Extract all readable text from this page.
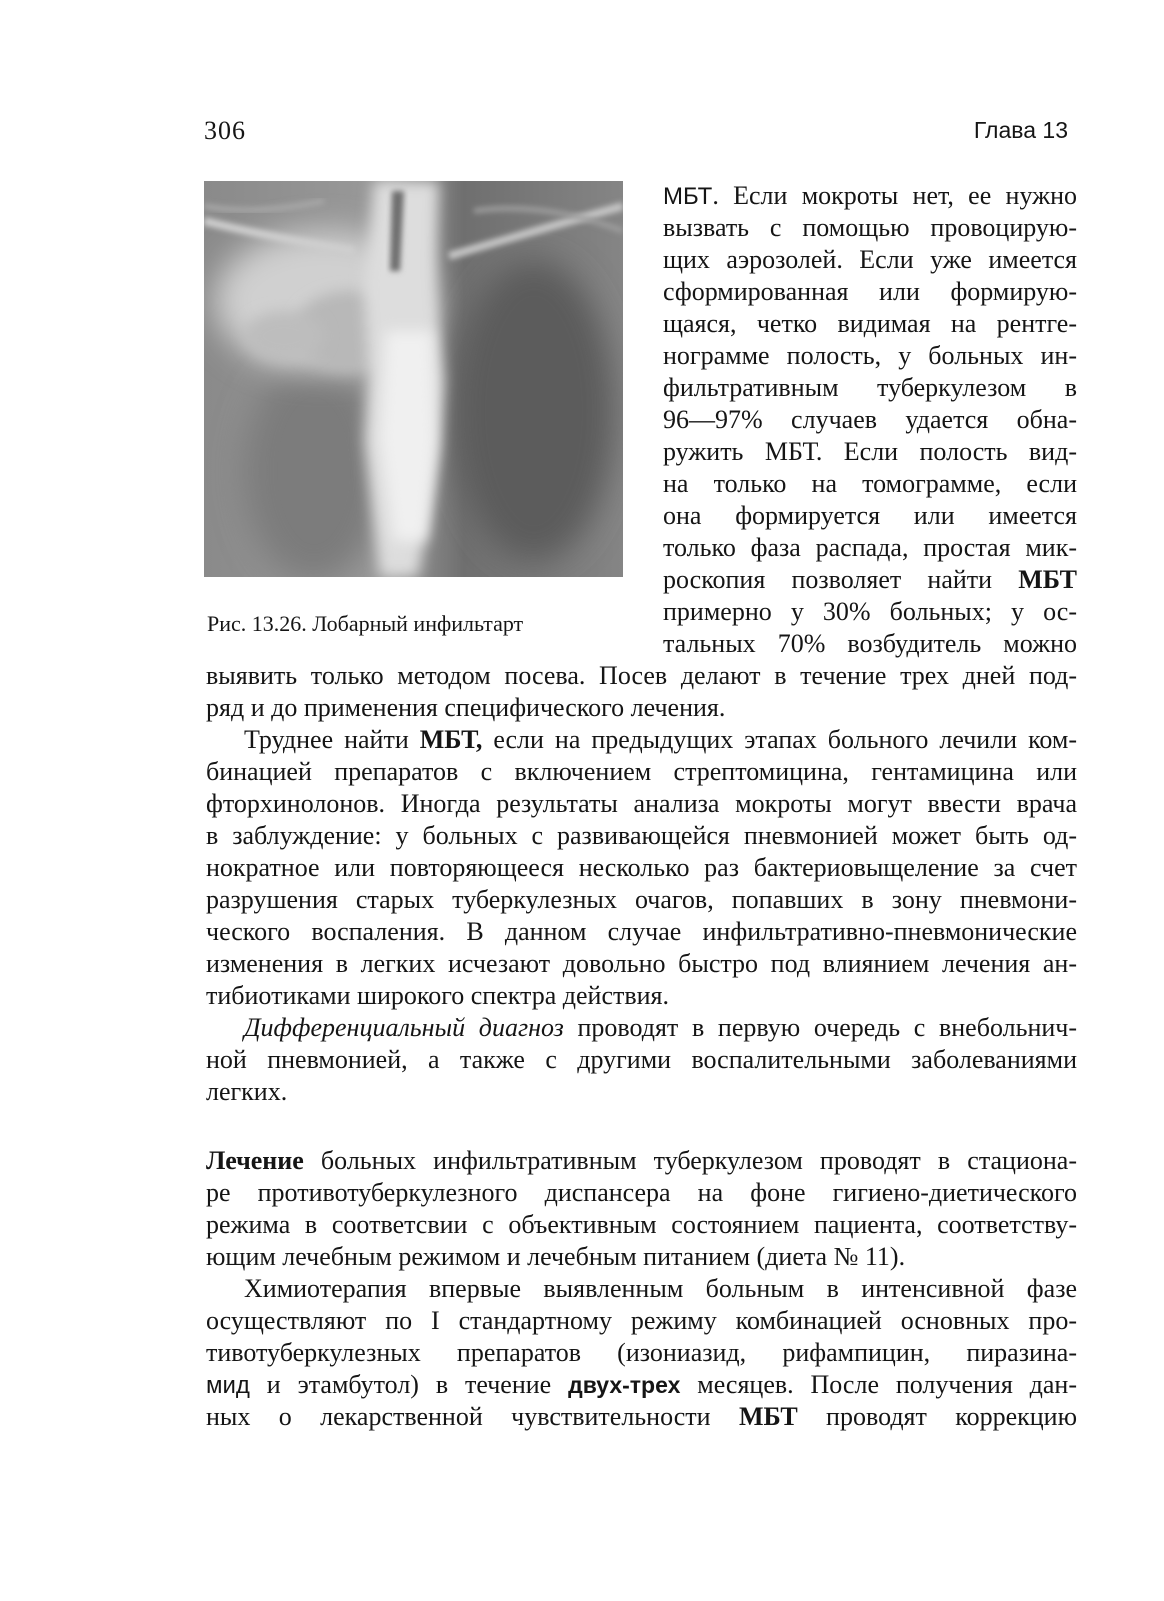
306	Глава 13
Рис. 13.26. Лобарный инфильтарт
МБТ. Если мокроты нет, ее нужно
вызвать с помощью провоцирую-
щих аэрозолей. Если уже имеется
сформированная или формирую-
щаяся, четко видимая на рентге-
нограмме полость, у больных ин-
фильтративным туберкулезом в
96—97% случаев удается обна-
ружить МБТ. Если полость вид-
на только на томограмме, если
она формируется или имеется
только фаза распада, простая мик-
роскопия позволяет найти МБТ
примерно у 30% больных; у ос-
тальных 70% возбудитель можно
выявить только методом посева. Посев делают в течение трех дней под-
ряд и до применения специфического лечения.
Труднее найти МБТ, если на предыдущих этапах больного лечили ком-
бинацией препаратов с включением стрептомицина, гентамицина или
фторхинолонов. Иногда результаты анализа мокроты могут ввести врача
в заблуждение: у больных с развивающейся пневмонией может быть од-
нократное или повторяющееся несколько раз бактериовыщеление за счет
разрушения старых туберкулезных очагов, попавших в зону пневмони-
ческого воспаления. В данном случае инфильтративно-пневмонические
изменения в легких исчезают довольно быстро под влиянием лечения ан-
тибиотиками широкого спектра действия.
Дифференциальный диагноз проводят в первую очередь с внебольнич-
ной пневмонией, а также с другими воспалительными заболеваниями
легких.
Лечение больных инфильтративным туберкулезом проводят в стациона-
ре противотуберкулезного диспансера на фоне гигиено-диетического
режима в соответсвии с объективным состоянием пациента, соответству-
ющим лечебным режимом и лечебным питанием (диета № 11).
Химиотерапия впервые выявленным больным в интенсивной фазе
осуществляют по I стандартному режиму комбинацией основных про-
тивотуберкулезных препаратов (изониазид, рифампицин, пиразина-
мид и этамбутол) в течение двух-трех месяцев. После получения дан-
ных о лекарственной чувствительности МБТ проводят коррекцию
